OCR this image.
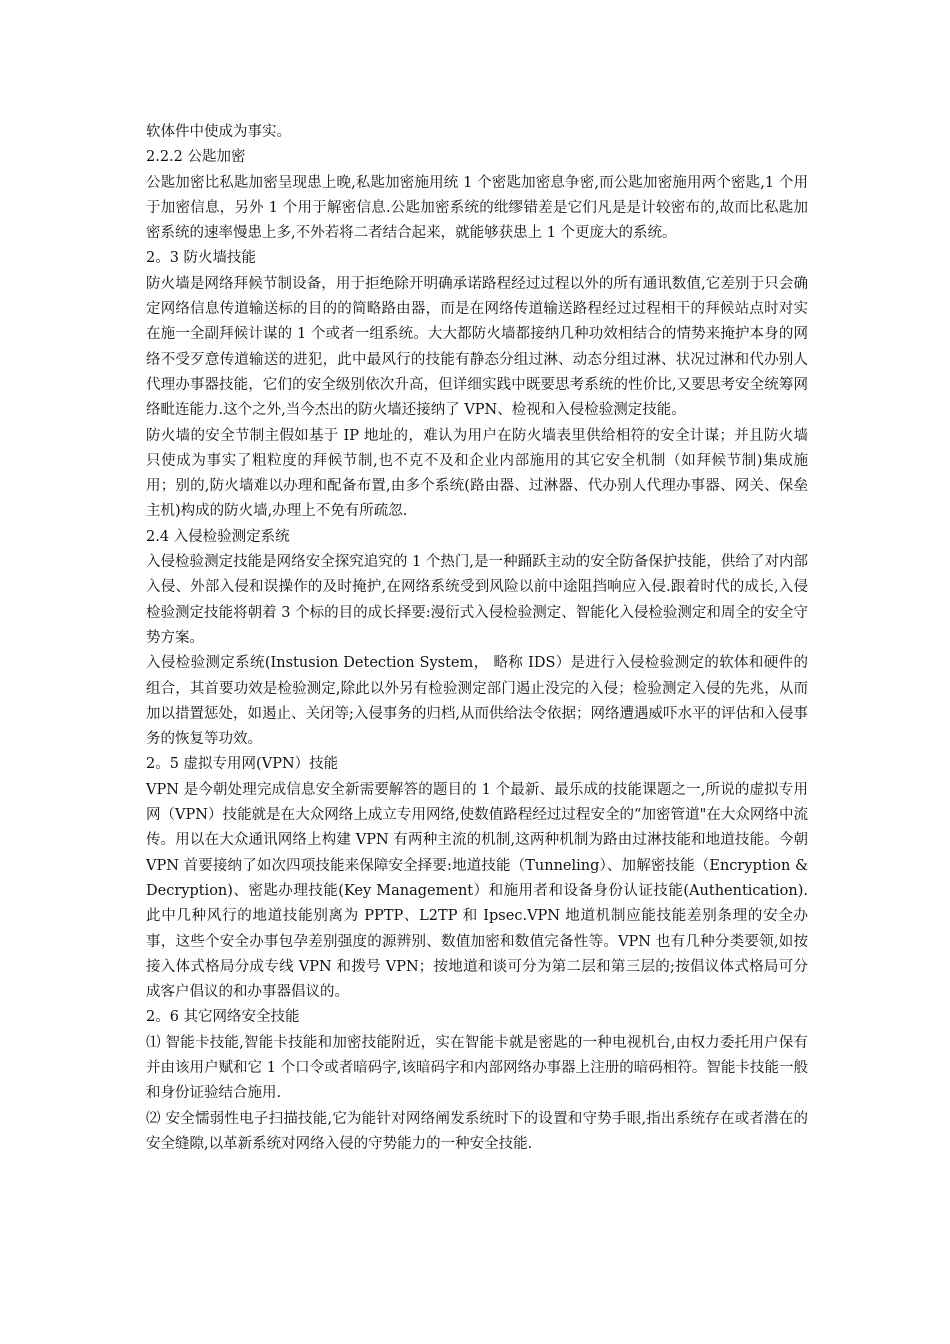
软体件中使成为事实。

2.2.2 公匙加密

公匙加密比私匙加密呈现患上晚,私匙加密施用统 1 个密匙加密息争密,而公匙加密施用两个密匙,1 个用于加密信息，另外 1 个用于解密信息.公匙加密系统的纰缪错差是它们凡是是计较密布的,故而比私匙加密系统的速率慢患上多,不外若将二者结合起来，就能够获患上 1 个更庞大的系统。

2。3 防火墙技能

防火墙是网络拜候节制设备，用于拒绝除开明确承诺路程经过过程以外的所有通讯数值,它差别于只会确定网络信息传道输送标的目的的简略路由器，而是在网络传道输送路程经过过程相干的拜候站点时对实在施一全副拜候计谋的 1 个或者一组系统。大大都防火墙都接纳几种功效相结合的情势来掩护本身的网络不受歹意传道输送的进犯，此中最风行的技能有静态分组过淋、动态分组过淋、状况过淋和代办别人代理办事器技能，它们的安全级别依次升高，但详细实践中既要思考系统的性价比,又要思考安全统筹网络毗连能力.这个之外,当今杰出的防火墙还接纳了 VPN、检视和入侵检验测定技能。

防火墙的安全节制主假如基于 IP 地址的，难认为用户在防火墙表里供给相符的安全计谋；并且防火墙只使成为事实了粗粒度的拜候节制,也不克不及和企业内部施用的其它安全机制（如拜候节制)集成施用；别的,防火墙难以办理和配备布置,由多个系统(路由器、过淋器、代办别人代理办事器、网关、保垒主机)构成的防火墙,办理上不免有所疏忽.

2.4 入侵检验测定系统

入侵检验测定技能是网络安全探究追究的 1 个热门,是一种踊跃主动的安全防备保护技能，供给了对内部入侵、外部入侵和误操作的及时掩护,在网络系统受到风险以前中途阻挡响应入侵.跟着时代的成长,入侵检验测定技能将朝着 3 个标的目的成长择要:漫衍式入侵检验测定、智能化入侵检验测定和周全的安全守势方案。

入侵检验测定系统(Instusion Detection System， 略称 IDS）是进行入侵检验测定的软体和硬件的组合，其首要功效是检验测定,除此以外另有检验测定部门遏止没完的入侵；检验测定入侵的先兆，从而加以措置惩处，如遏止、关闭等;入侵事务的归档,从而供给法令依据；网络遭遇威吓水平的评估和入侵事务的恢复等功效。

2。5 虚拟专用网(VPN）技能

VPN 是今朝处理完成信息安全新需要解答的题目的 1 个最新、最乐成的技能课题之一,所说的虚拟专用网（VPN）技能就是在大众网络上成立专用网络,使数值路程经过过程安全的“加密管道"在大众网络中流传。用以在大众通讯网络上构建 VPN 有两种主流的机制,这两种机制为路由过淋技能和地道技能。今朝 VPN 首要接纳了如次四项技能来保障安全择要:地道技能（Tunneling）、加解密技能（Encryption & Decryption)、密匙办理技能(Key Management）和施用者和设备身份认证技能(Authentication).此中几种风行的地道技能别离为 PPTP、L2TP 和 Ipsec.VPN 地道机制应能技能差别条理的安全办事，这些个安全办事包孕差别强度的源辨别、数值加密和数值完备性等。VPN 也有几种分类要领,如按接入体式格局分成专线 VPN 和拨号 VPN；按地道和谈可分为第二层和第三层的;按倡议体式格局可分成客户倡议的和办事器倡议的。

2。6 其它网络安全技能

⑴ 智能卡技能,智能卡技能和加密技能附近，实在智能卡就是密匙的一种电视机台,由权力委托用户保有并由该用户赋和它 1 个口令或者暗码字,该暗码字和内部网络办事器上注册的暗码相符。智能卡技能一般和身份证验结合施用.

⑵ 安全懦弱性电子扫描技能,它为能针对网络阐发系统时下的设置和守势手眼,指出系统存在或者潜在的安全缝隙,以革新系统对网络入侵的守势能力的一种安全技能.
